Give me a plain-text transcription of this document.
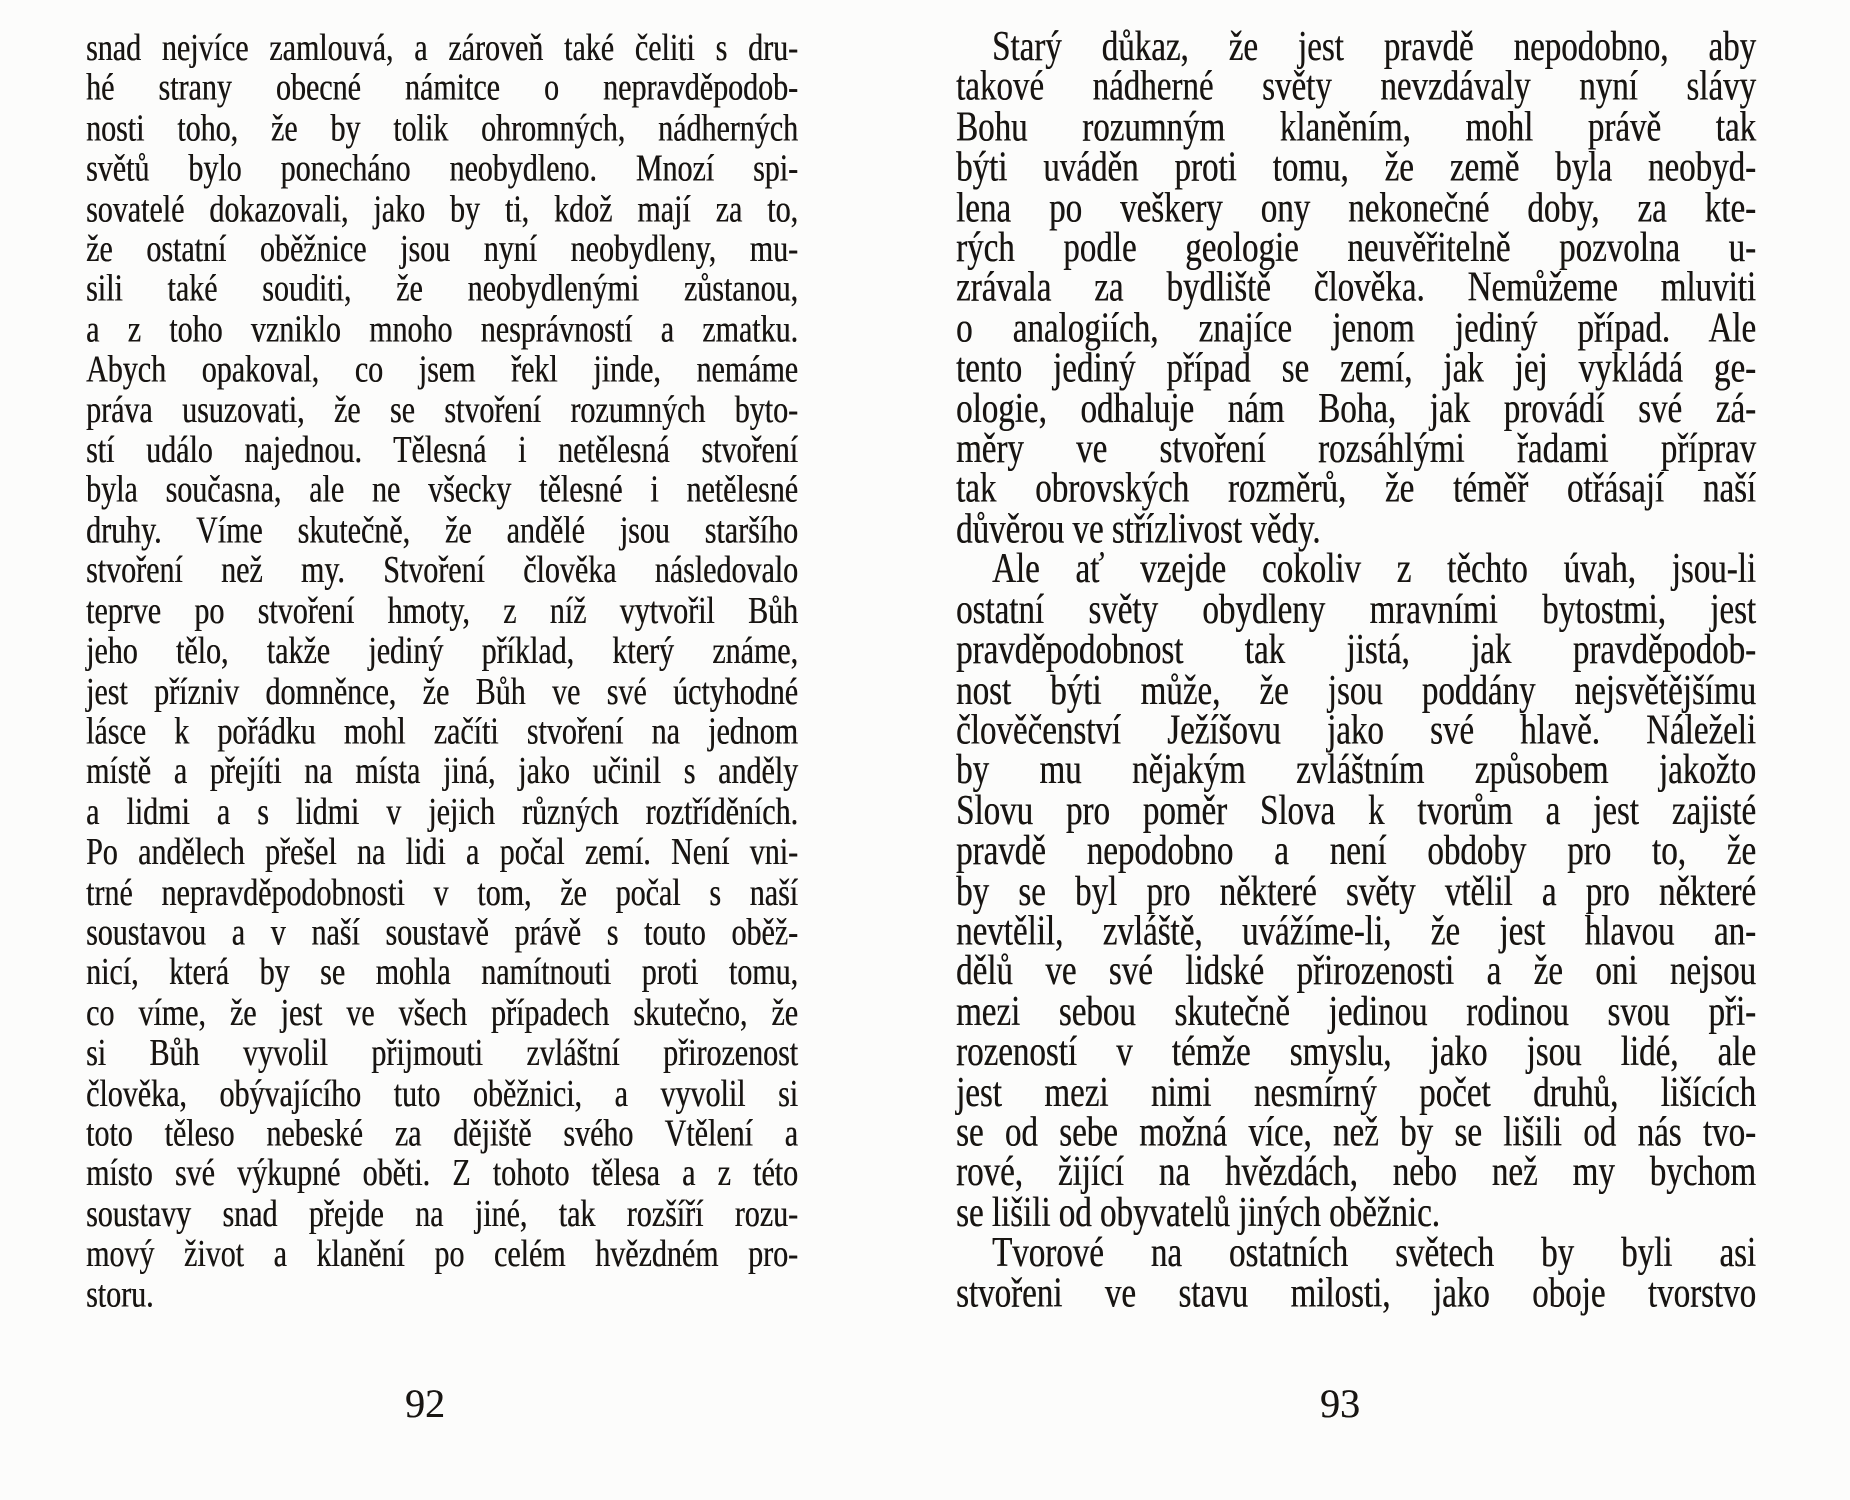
snad nejvíce zamlouvá, a zároveň také čeliti s dru-
hé strany obecné námitce o nepravděpodob-
nosti toho, že by tolik ohromných, nádherných
světů bylo ponecháno neobydleno. Mnozí spi-
sovatelé dokazovali, jako by ti, kdož mají za to,
že ostatní oběžnice jsou nyní neobydleny, mu-
sili také souditi, že neobydlenými zůstanou,
a z toho vzniklo mnoho nesprávností a zmatku.
Abych opakoval, co jsem řekl jinde, nemáme
práva usuzovati, že se stvoření rozumných byto-
stí událo najednou. Tělesná i netělesná stvoření
byla současna, ale ne všecky tělesné i netělesné
druhy. Víme skutečně, že andělé jsou staršího
stvoření než my. Stvoření člověka následovalo
teprve po stvoření hmoty, z níž vytvořil Bůh
jeho tělo, takže jediný příklad, který známe,
jest přízniv domněnce, že Bůh ve své úctyhodné
lásce k pořádku mohl začíti stvoření na jednom
místě a přejíti na místa jiná, jako učinil s anděly
a lidmi a s lidmi v jejich různých roztříděních.
Po andělech přešel na lidi a počal zemí. Není vni-
trné nepravděpodobnosti v tom, že počal s naší
soustavou a v naší soustavě právě s touto oběž-
nicí, která by se mohla namítnouti proti tomu,
co víme, že jest ve všech případech skutečno, že
si Bůh vyvolil přijmouti zvláštní přirozenost
člověka, obývajícího tuto oběžnici, a vyvolil si
toto těleso nebeské za dějiště svého Vtělení a
místo své výkupné oběti. Z tohoto tělesa a z této
soustavy snad přejde na jiné, tak rozšíří rozu-
mový život a klanění po celém hvězdném pro-
storu.
Starý důkaz, že jest pravdě nepodobno, aby
takové nádherné světy nevzdávaly nyní slávy
Bohu rozumným klaněním, mohl právě tak
býti uváděn proti tomu, že země byla neobyd-
lena po veškery ony nekonečné doby, za kte-
rých podle geologie neuvěřitelně pozvolna u-
zrávala za bydliště člověka. Nemůžeme mluviti
o analogiích, znajíce jenom jediný případ. Ale
tento jediný případ se zemí, jak jej vykládá ge-
ologie, odhaluje nám Boha, jak provádí své zá-
měry ve stvoření rozsáhlými řadami příprav
tak obrovských rozměrů, že téměř otřásají naší
důvěrou ve střízlivost vědy.
Ale ať vzejde cokoliv z těchto úvah, jsou-li
ostatní světy obydleny mravními bytostmi, jest
pravděpodobnost tak jistá, jak pravděpodob-
nost býti může, že jsou poddány nejsvětějšímu
člověčenství Ježíšovu jako své hlavě. Náleželi
by mu nějakým zvláštním způsobem jakožto
Slovu pro poměr Slova k tvorům a jest zajisté
pravdě nepodobno a není obdoby pro to, že
by se byl pro některé světy vtělil a pro některé
nevtělil, zvláště, uvážíme-li, že jest hlavou an-
dělů ve své lidské přirozenosti a že oni nejsou
mezi sebou skutečně jedinou rodinou svou při-
rozeností v témže smyslu, jako jsou lidé, ale
jest mezi nimi nesmírný počet druhů, lišících
se od sebe možná více, než by se lišili od nás tvo-
rové, žijící na hvězdách, nebo než my bychom
se lišili od obyvatelů jiných oběžnic.
Tvorové na ostatních světech by byli asi
stvořeni ve stavu milosti, jako oboje tvorstvo
92	93
